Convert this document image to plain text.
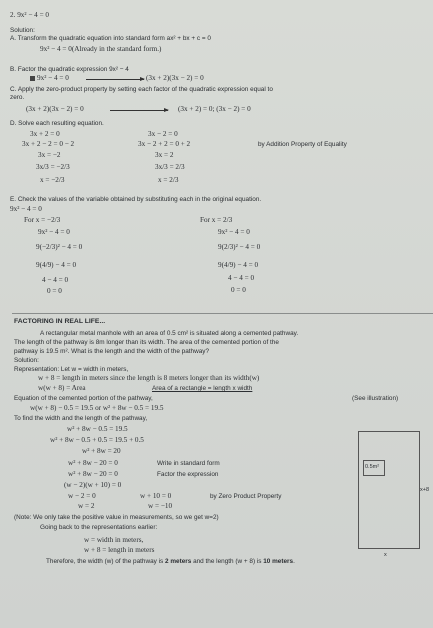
2. 9x² − 4 = 0
Solution:
A. Transform the quadratic equation into standard form ax² + bx + c = 0
9x² − 4 = 0(Already in the standard form.)
B. Factor the quadratic expression 9x² − 4
9x² − 4 = 0	(3x + 2)(3x − 2) = 0
C. Apply the zero-product property by setting each factor of the quadratic expression equal to
zero.
(3x + 2)(3x − 2) = 0	(3x + 2) = 0; (3x − 2) = 0
D. Solve each resulting equation.
3x + 2 = 0
3x + 2 − 2 = 0 − 2
3x = −2
3x/3 = −2/3
x = −2/3
3x − 2 = 0
3x − 2 + 2 = 0 + 2
3x = 2
3x/3 = 2/3
x = 2/3
by Addition Property of Equality
E. Check the values of the variable obtained by substituting each in the original equation.
9x² − 4 = 0
For x = −2/3
9x² − 4 = 0
9(−2/3)² − 4 = 0
9(4/9) − 4 = 0
4 − 4 = 0
0 = 0
For x = 2/3
9x² − 4 = 0
9(2/3)² − 4 = 0
9(4/9) − 4 = 0
4 − 4 = 0
0 = 0
FACTORING IN REAL LIFE...
A rectangular metal manhole with an area of 0.5 cm² is situated along a cemented pathway.
The length of the pathway is 8m longer than its width. The area of the cemented portion of the
pathway is 19.5 m². What is the length and the width of the pathway?
Solution:
Representation: Let w = width in meters,
w + 8 = length in meters since the length is 8 meters longer than its width(w)
w(w + 8) = Area	Area of a rectangle = length x width
Equation of the cemented portion of the pathway,	(See illustration)
w(w + 8) − 0.5 = 19.5 or w² + 8w − 0.5 = 19.5
To find the width and the length of the pathway,
w² + 8w − 0.5 = 19.5
w² + 8w − 0.5 + 0.5 = 19.5 + 0.5
w² + 8w = 20
w² + 8w − 20 = 0	Write in standard form
w² + 8w − 20 = 0	Factor the expression
(w − 2)(w + 10) = 0
w − 2 = 0	w + 10 = 0	by Zero Product Property
w = 2	w = −10
(Note: We only take the positive value in measurements, so we get w=2)
Going back to the representations earlier:
w = width in meters,
w + 8 = length in meters
Therefore, the width (w) of the pathway is 2 meters and the length (w + 8) is 10 meters.
0.5m²
x+8
x
